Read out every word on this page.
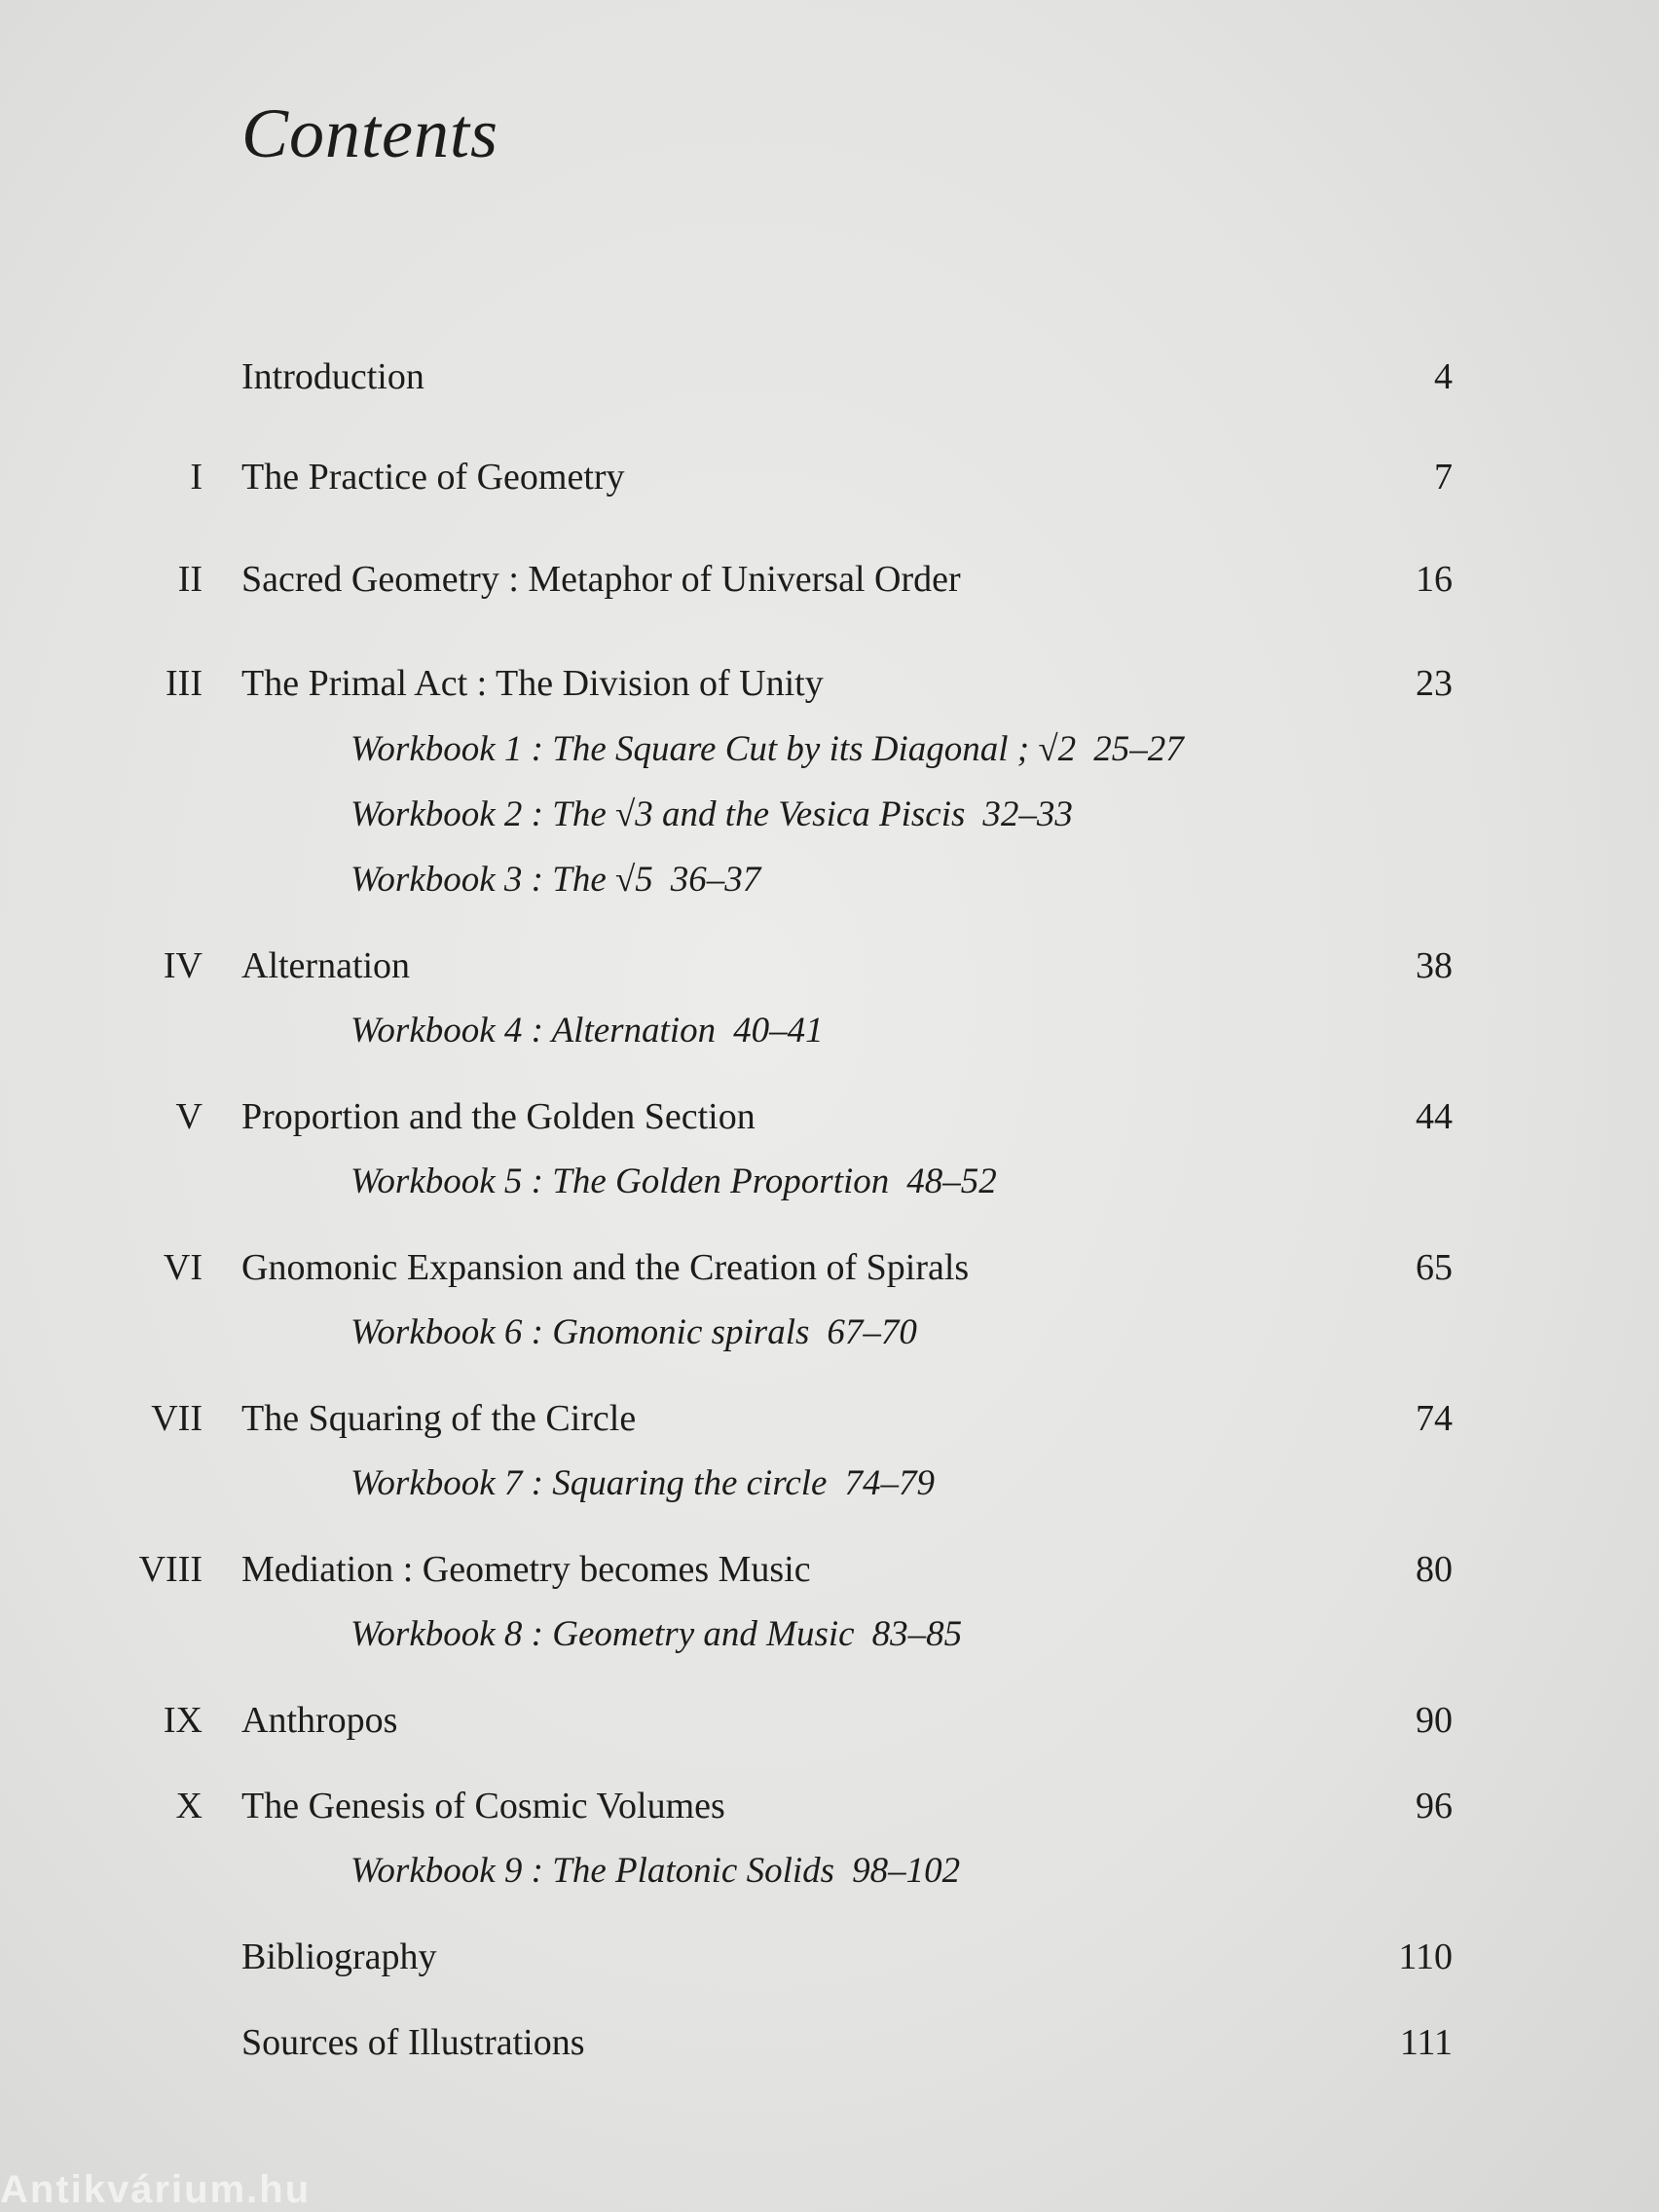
Contents
Introduction	4
I The Practice of Geometry	7
II Sacred Geometry : Metaphor of Universal Order	16
III The Primal Act : The Division of Unity	23
Workbook 1 : The Square Cut by its Diagonal ; √2 25–27
Workbook 2 : The √3 and the Vesica Piscis 32–33
Workbook 3 : The √5 36–37
IV Alternation	38
Workbook 4 : Alternation 40–41
V Proportion and the Golden Section	44
Workbook 5 : The Golden Proportion 48–52
VI Gnomonic Expansion and the Creation of Spirals	65
Workbook 6 : Gnomonic spirals 67–70
VII The Squaring of the Circle	74
Workbook 7 : Squaring the circle 74–79
VIII Mediation : Geometry becomes Music	80
Workbook 8 : Geometry and Music 83–85
IX Anthropos	90
X The Genesis of Cosmic Volumes	96
Workbook 9 : The Platonic Solids 98–102
Bibliography	110
Sources of Illustrations	111
Antikvárium.hu
